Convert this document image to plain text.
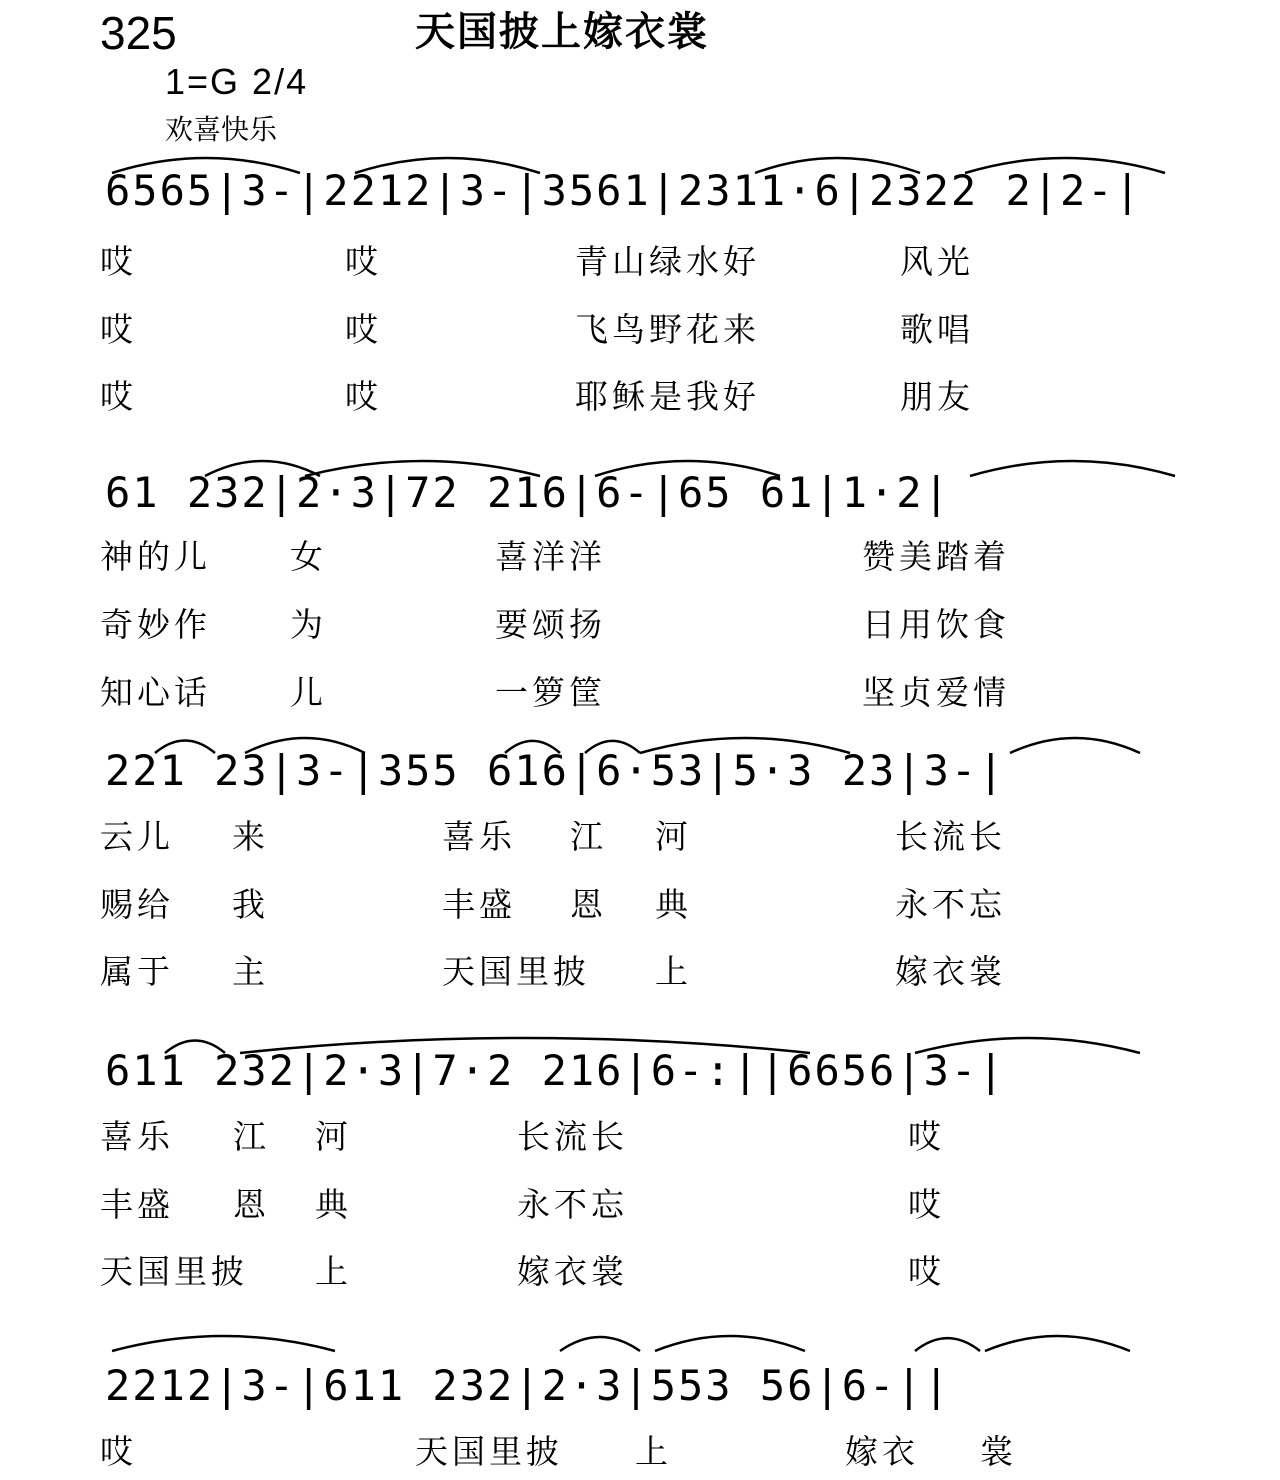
325	天国披上嫁衣裳
1=G 2/4
欢喜快乐
6565|3-|2212|3-|3561|2311·6|2322 2|2-|
哎	哎	青山绿水好	风光
哎	哎	飞鸟野花来	歌唱
哎	哎	耶稣是我好	朋友
61 232|2·3|72 216|6-|65 61|1·2|
神的儿 女	喜洋洋	赞美踏着
奇妙作 为	要颂扬	日用饮食
知心话 儿	一箩筐	坚贞爱情
221 23|3-|355 616|6·53|5·3 23|3-|
云儿 来	喜乐 江 河	长流长
赐给 我	丰盛 恩 典	永不忘
属于 主	天国里披 上	嫁衣裳
611 232|2·3|7·2 216|6-:||6656|3-|
喜乐 江 河	长流长	哎
丰盛 恩 典	永不忘	哎
天国里披 上	嫁衣裳	哎
2212|3-|611 232|2·3|553 56|6-||
哎	天国里披 上	嫁衣 裳
